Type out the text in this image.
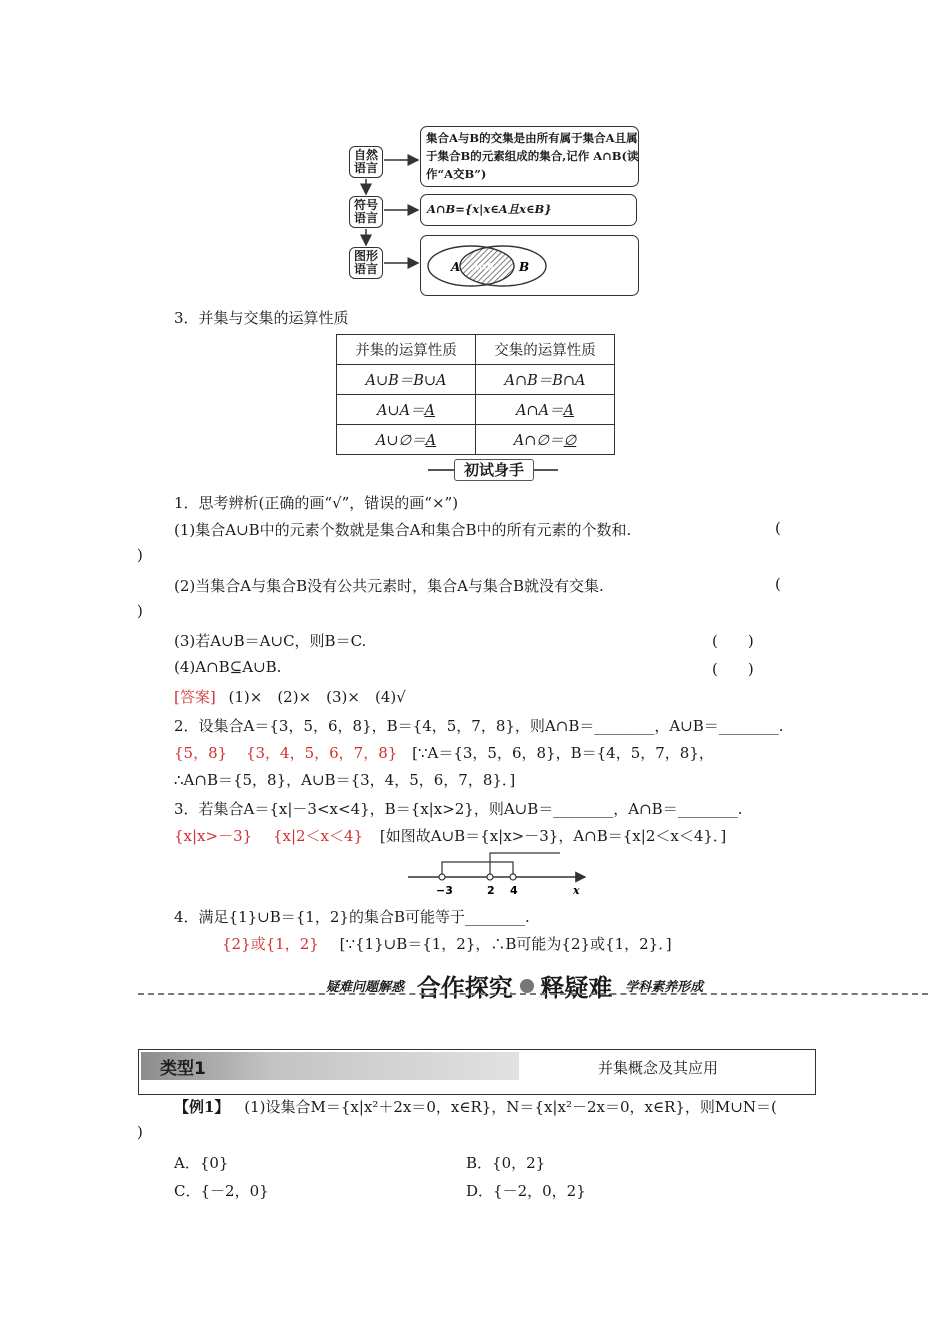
自然
语言
符号
语言
图形
语言
集合A与B的交集是由所有属于集合A且属
于集合B的元素组成的集合,记作 A∩B(读
作“A交B”)
A∩B={x|x∈A且x∈B}
A A∩B B
3．并集与交集的运算性质
并集的运算性质	交集的运算性质
A∪B＝B∪A	A∩B＝B∩A
A∪A＝A	A∩A＝A
A∪∅＝A	A∩∅＝∅
初试身手
1．思考辨析(正确的画“√”，错误的画“×”)
(1)集合A∪B中的元素个数就是集合A和集合B中的所有元素的个数和.	(
)
(2)当集合A与集合B没有公共元素时，集合A与集合B就没有交集.	(
)
(3)若A∪B＝A∪C，则B＝C.	(　　)
(4)A∩B⊆A∪B.	(　　)
[答案] (1)×　(2)×　(3)×　(4)√
2．设集合A＝{3，5，6，8}，B＝{4，5，7，8}，则A∩B＝________，A∪B＝________.
{5，8} {3，4，5，6，7，8} [∵A＝{3，5，6，8}，B＝{4，5，7，8}，
∴A∩B＝{5，8}，A∪B＝{3，4，5，6，7，8}．]
3．若集合A＝{x|－3<x<4}，B＝{x|x>2}，则A∪B＝________，A∩B＝________.
{x|x>－3} {x|2＜x＜4} [如图故A∪B＝{x|x>－3}，A∩B＝{x|2＜x＜4}．]
−3	2 4	x
4．满足{1}∪B＝{1，2}的集合B可能等于________.
{2}或{1，2} [∵{1}∪B＝{1，2}，∴B可能为{2}或{1，2}．]
疑难问题解惑 合作探究 释疑难 学科素养形成
类型1	并集概念及其应用
【例1】 (1)设集合M＝{x|x²＋2x＝0，x∈R}，N＝{x|x²－2x＝0，x∈R}，则M∪N＝(
)
A．{0}	B．{0，2}
C．{－2，0}	D．{－2，0，2}
